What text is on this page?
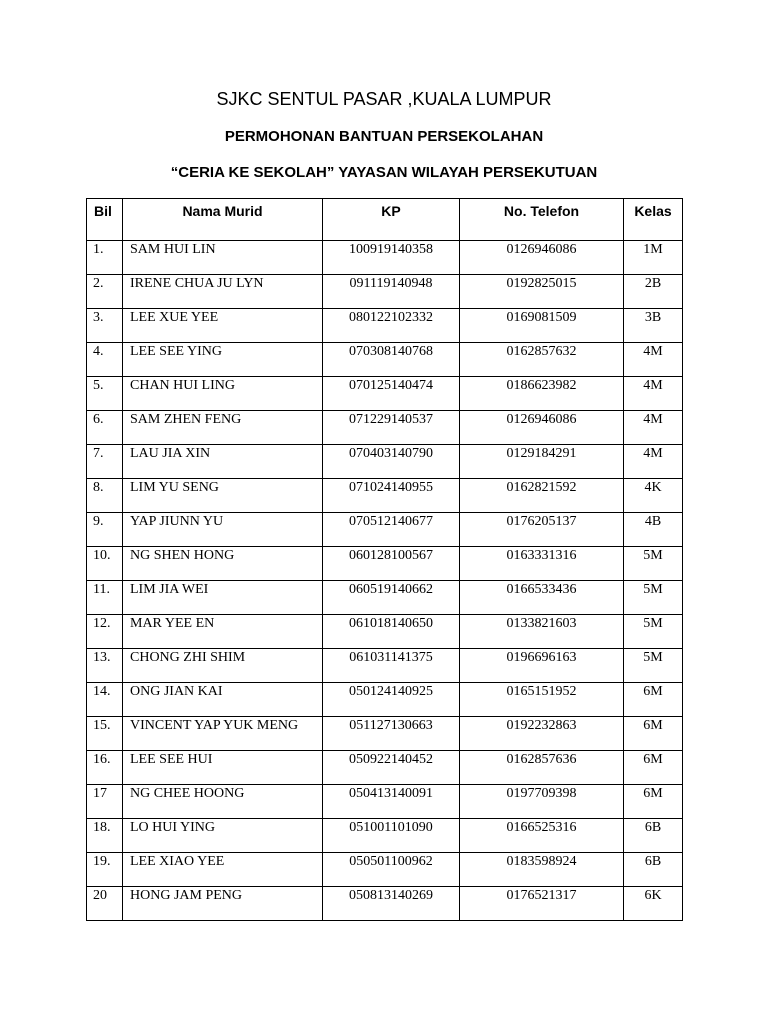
SJKC SENTUL PASAR ,KUALA LUMPUR
PERMOHONAN BANTUAN PERSEKOLAHAN
“CERIA KE SEKOLAH” YAYASAN WILAYAH PERSEKUTUAN
Bil	Nama Murid	KP	No. Telefon	Kelas
1.	SAM HUI LIN	100919140358	0126946086	1M
2.	IRENE CHUA JU LYN	091119140948	0192825015	2B
3.	LEE XUE YEE	080122102332	0169081509	3B
4.	LEE SEE YING	070308140768	0162857632	4M
5.	CHAN HUI LING	070125140474	0186623982	4M
6.	SAM ZHEN FENG	071229140537	0126946086	4M
7.	LAU JIA XIN	070403140790	0129184291	4M
8.	LIM YU SENG	071024140955	0162821592	4K
9.	YAP JIUNN YU	070512140677	0176205137	4B
10.	NG SHEN HONG	060128100567	0163331316	5M
11.	LIM JIA WEI	060519140662	0166533436	5M
12.	MAR YEE EN	061018140650	0133821603	5M
13.	CHONG ZHI SHIM	061031141375	0196696163	5M
14.	ONG JIAN KAI	050124140925	0165151952	6M
15.	VINCENT YAP YUK MENG	051127130663	0192232863	6M
16.	LEE SEE HUI	050922140452	0162857636	6M
17	NG CHEE HOONG	050413140091	0197709398	6M
18.	LO HUI YING	051001101090	0166525316	6B
19.	LEE XIAO YEE	050501100962	0183598924	6B
20	HONG JAM PENG	050813140269	0176521317	6K
